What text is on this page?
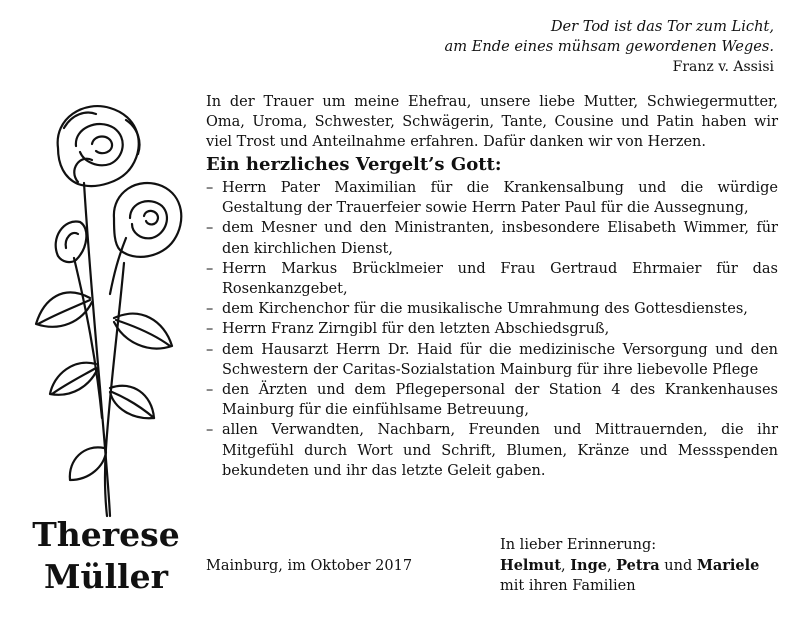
Der Tod ist das Tor zum Licht,

am Ende eines mühsam gewordenen Weges.

Franz v. Assisi

In der Trauer um meine Ehefrau, unsere liebe Mutter, Schwiegermutter, Oma, Uroma, Schwester, Schwägerin, Tante, Cousine und Patin haben wir viel Trost und Anteilnahme erfahren. Dafür danken wir von Herzen.

Ein herzliches Vergelt’s Gott:
– Herrn Pater Maximilian für die Krankensalbung und die würdige Gestaltung der Trauerfeier sowie Herrn Pater Paul für die Aussegnung,
– dem Mesner und den Ministranten, insbesondere Elisabeth Wimmer, für den kirchlichen Dienst,
– Herrn Markus Brücklmeier und Frau Gertraud Ehrmaier für das Rosenkanzgebet,
– dem Kirchenchor für die musikalische Umrahmung des Gottesdienstes,
– Herrn Franz Zirngibl für den letzten Abschiedsgruß,
– dem Hausarzt Herrn Dr. Haid für die medizinische Versorgung und den Schwestern der Caritas-Sozialstation Mainburg für ihre liebevolle Pflege
– den Ärzten und dem Pflegepersonal der Station 4 des Krankenhauses Mainburg für die einfühlsame Betreuung,
– allen Verwandten, Nachbarn, Freunden und Mittrauernden, die ihr Mitgefühl durch Wort und Schrift, Blumen, Kränze und Messspenden bekundeten und ihr das letzte Geleit gaben.
Therese
Müller	Mainburg, im Oktober 2017
In lieber Erinnerung:
Helmut, Inge, Petra und Mariele
mit ihren Familien
